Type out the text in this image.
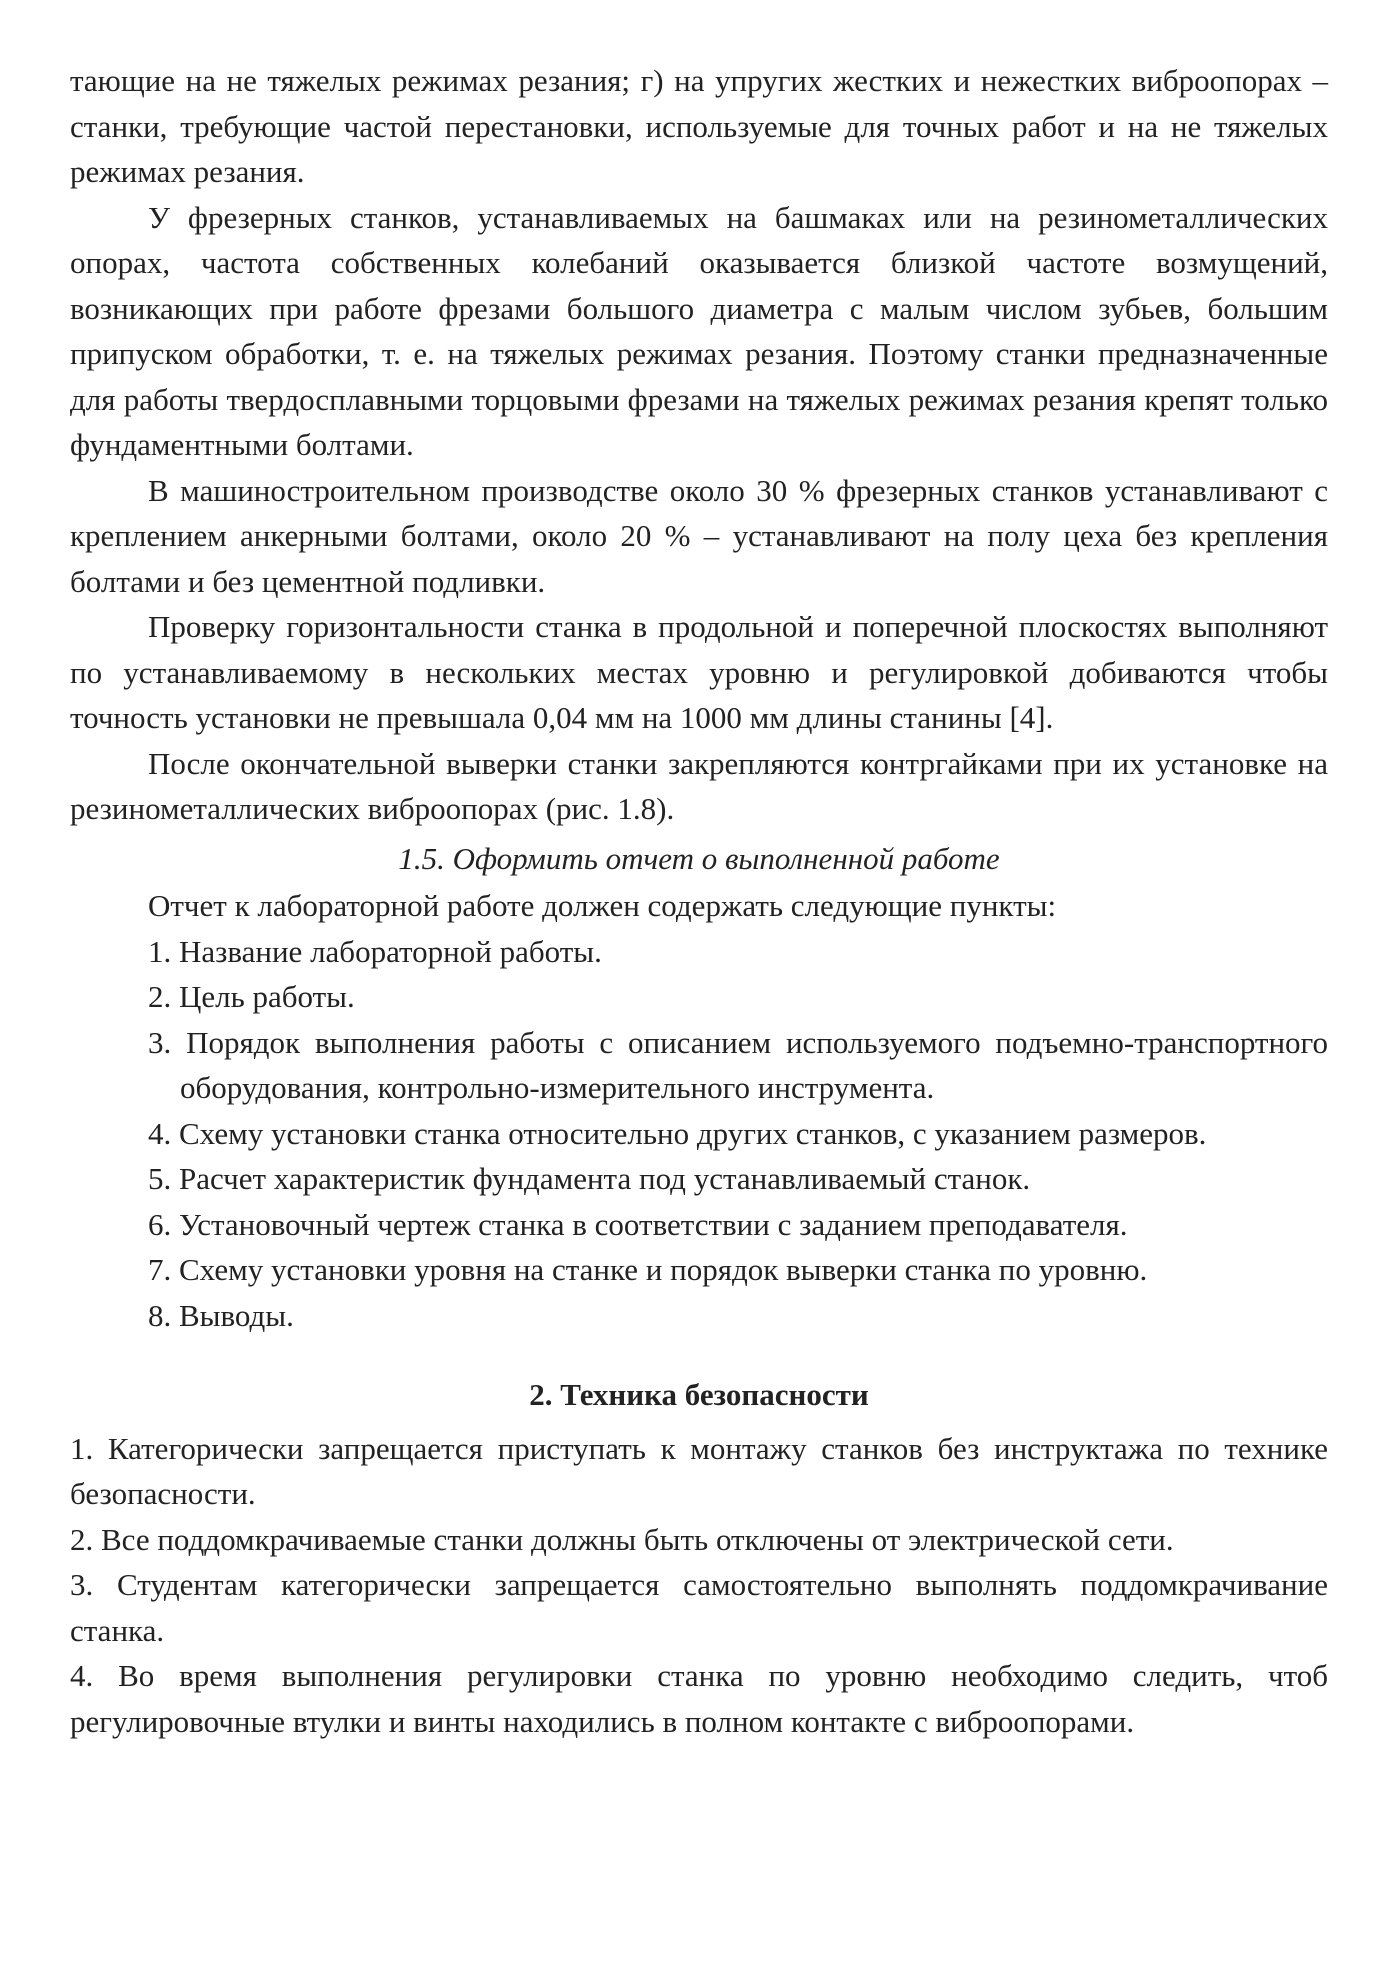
тающие на не тяжелых режимах резания; г) на упругих жестких и нежестких виброопорах – станки, требующие частой перестановки, используемые для точных работ и на не тяжелых режимах резания.

У фрезерных станков, устанавливаемых на башмаках или на резинометаллических опорах, частота собственных колебаний оказывается близкой частоте возмущений, возникающих при работе фрезами большого диаметра с малым числом зубьев, большим припуском обработки, т. е. на тяжелых режимах резания. Поэтому станки предназначенные для работы твердосплавными торцовыми фрезами на тяжелых режимах резания крепят только фундаментными болтами.

В машиностроительном производстве около 30 % фрезерных станков устанавливают с креплением анкерными болтами, около 20 % – устанавливают на полу цеха без крепления болтами и без цементной подливки.

Проверку горизонтальности станка в продольной и поперечной плоскостях выполняют по устанавливаемому в нескольких местах уровню и регулировкой добиваются чтобы точность установки не превышала 0,04 мм на 1000 мм длины станины [4].

После окончательной выверки станки закрепляются контргайками при их установке на резинометаллических виброопорах (рис. 1.8).

1.5. Оформить отчет о выполненной работе

Отчет к лабораторной работе должен содержать следующие пункты:

1. Название лабораторной работы.
2. Цель работы.
3. Порядок выполнения работы с описанием используемого подъемно-транспортного оборудования, контрольно-измерительного инструмента.
4. Схему установки станка относительно других станков, с указанием размеров.
5. Расчет характеристик фундамента под устанавливаемый станок.
6. Установочный чертеж станка в соответствии с заданием преподавателя.
7. Схему установки уровня на станке и порядок выверки станка по уровню.
8. Выводы.

2. Техника безопасности

1. Категорически запрещается приступать к монтажу станков без инструктажа по технике безопасности.

2. Все поддомкрачиваемые станки должны быть отключены от электрической сети.

3. Студентам категорически запрещается самостоятельно выполнять поддомкрачивание станка.

4. Во время выполнения регулировки станка по уровню необходимо следить, чтоб регулировочные втулки и винты находились в полном контакте с виброопорами.
